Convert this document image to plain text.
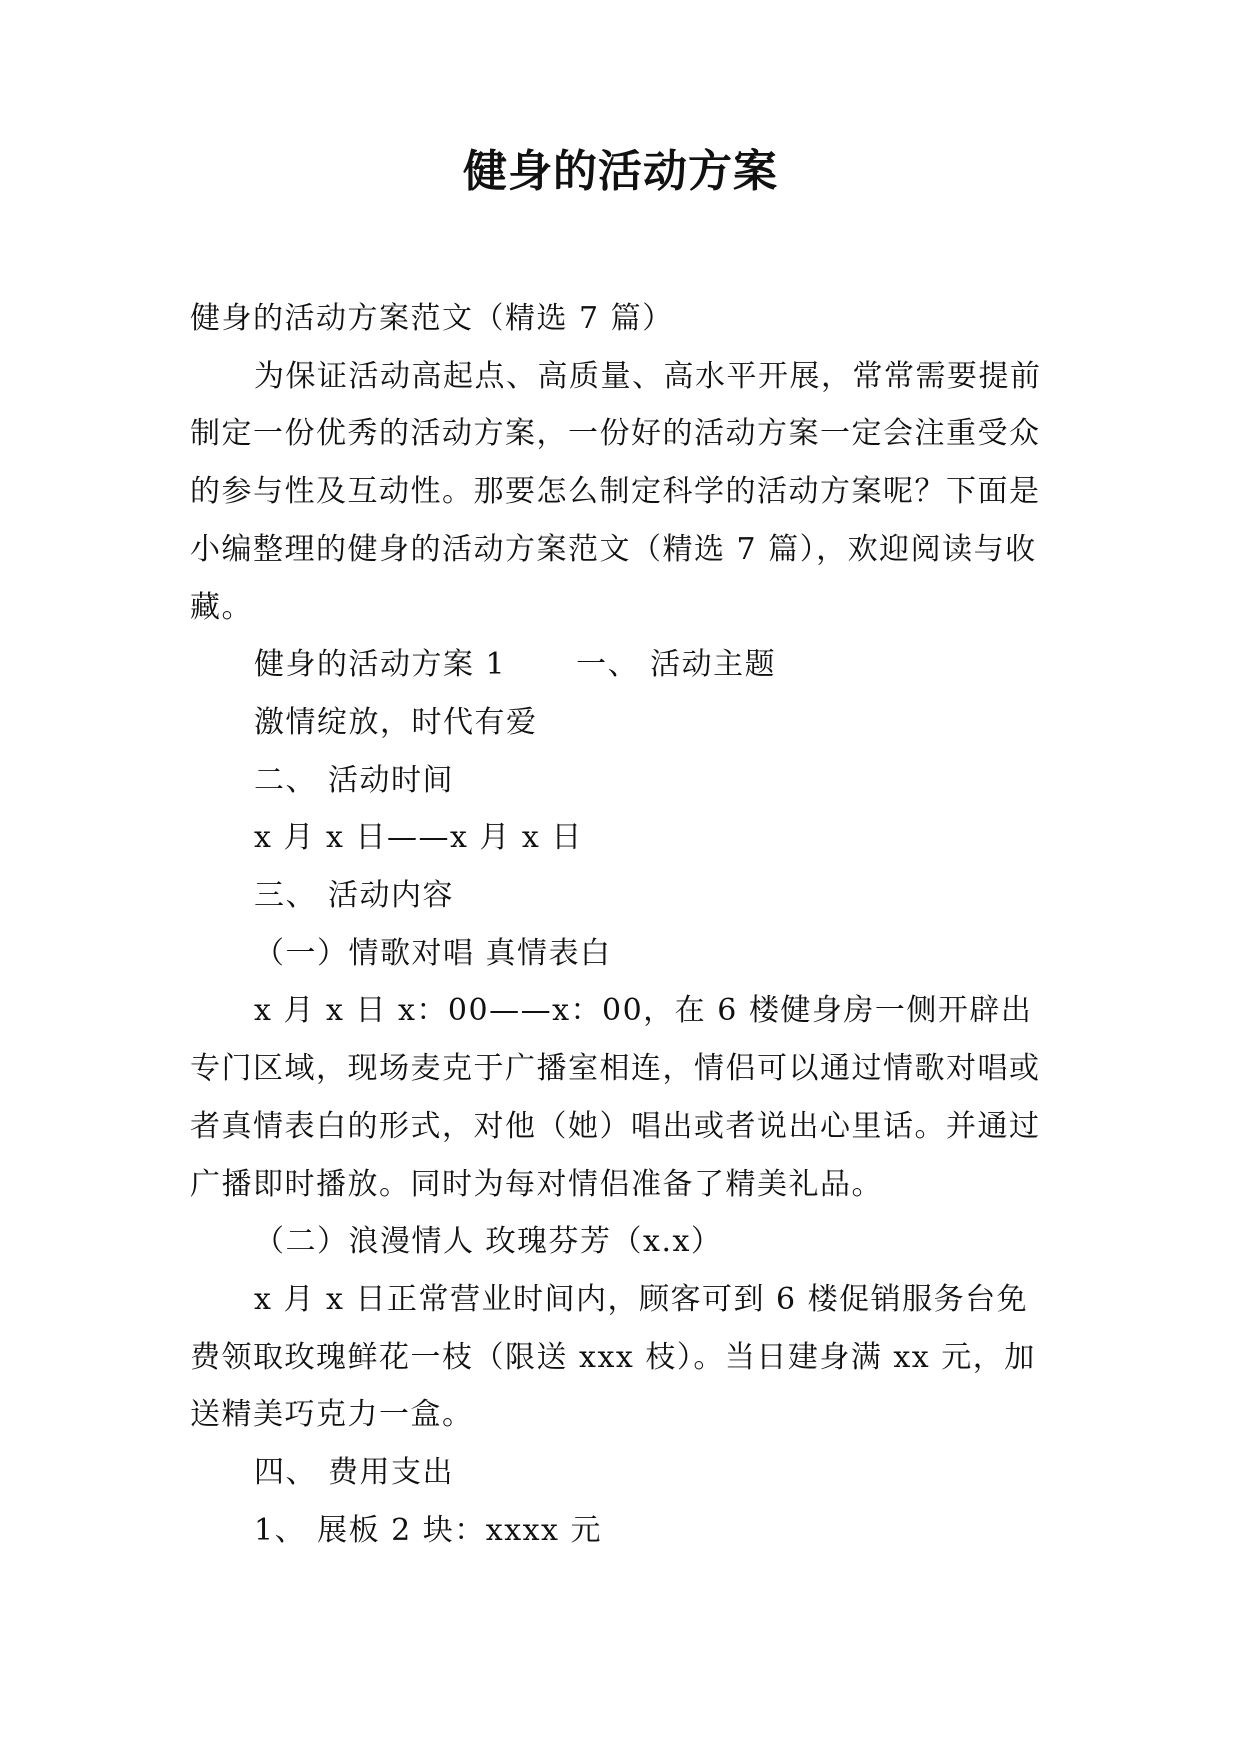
健身的活动方案

健身的活动方案范文（精选 7 篇）

为保证活动高起点、高质量、高水平开展，常常需要提前制定一份优秀的活动方案，一份好的活动方案一定会注重受众的参与性及互动性。那要怎么制定科学的活动方案呢？下面是小编整理的健身的活动方案范文（精选 7 篇），欢迎阅读与收藏。

健身的活动方案 1 一、 活动主题

激情绽放，时代有爱

二、 活动时间

x 月 x 日——x 月 x 日

三、 活动内容

（一）情歌对唱 真情表白

x 月 x 日 x：00——x：00，在 6 楼健身房一侧开辟出专门区域，现场麦克于广播室相连，情侣可以通过情歌对唱或者真情表白的形式，对他（她）唱出或者说出心里话。并通过广播即时播放。同时为每对情侣准备了精美礼品。

（二）浪漫情人 玫瑰芬芳（x.x）

x 月 x 日正常营业时间内，顾客可到 6 楼促销服务台免费领取玫瑰鲜花一枝（限送 xxx 枝）。当日建身满 xx 元，加送精美巧克力一盒。

四、 费用支出

1、 展板 2 块：xxxx 元
